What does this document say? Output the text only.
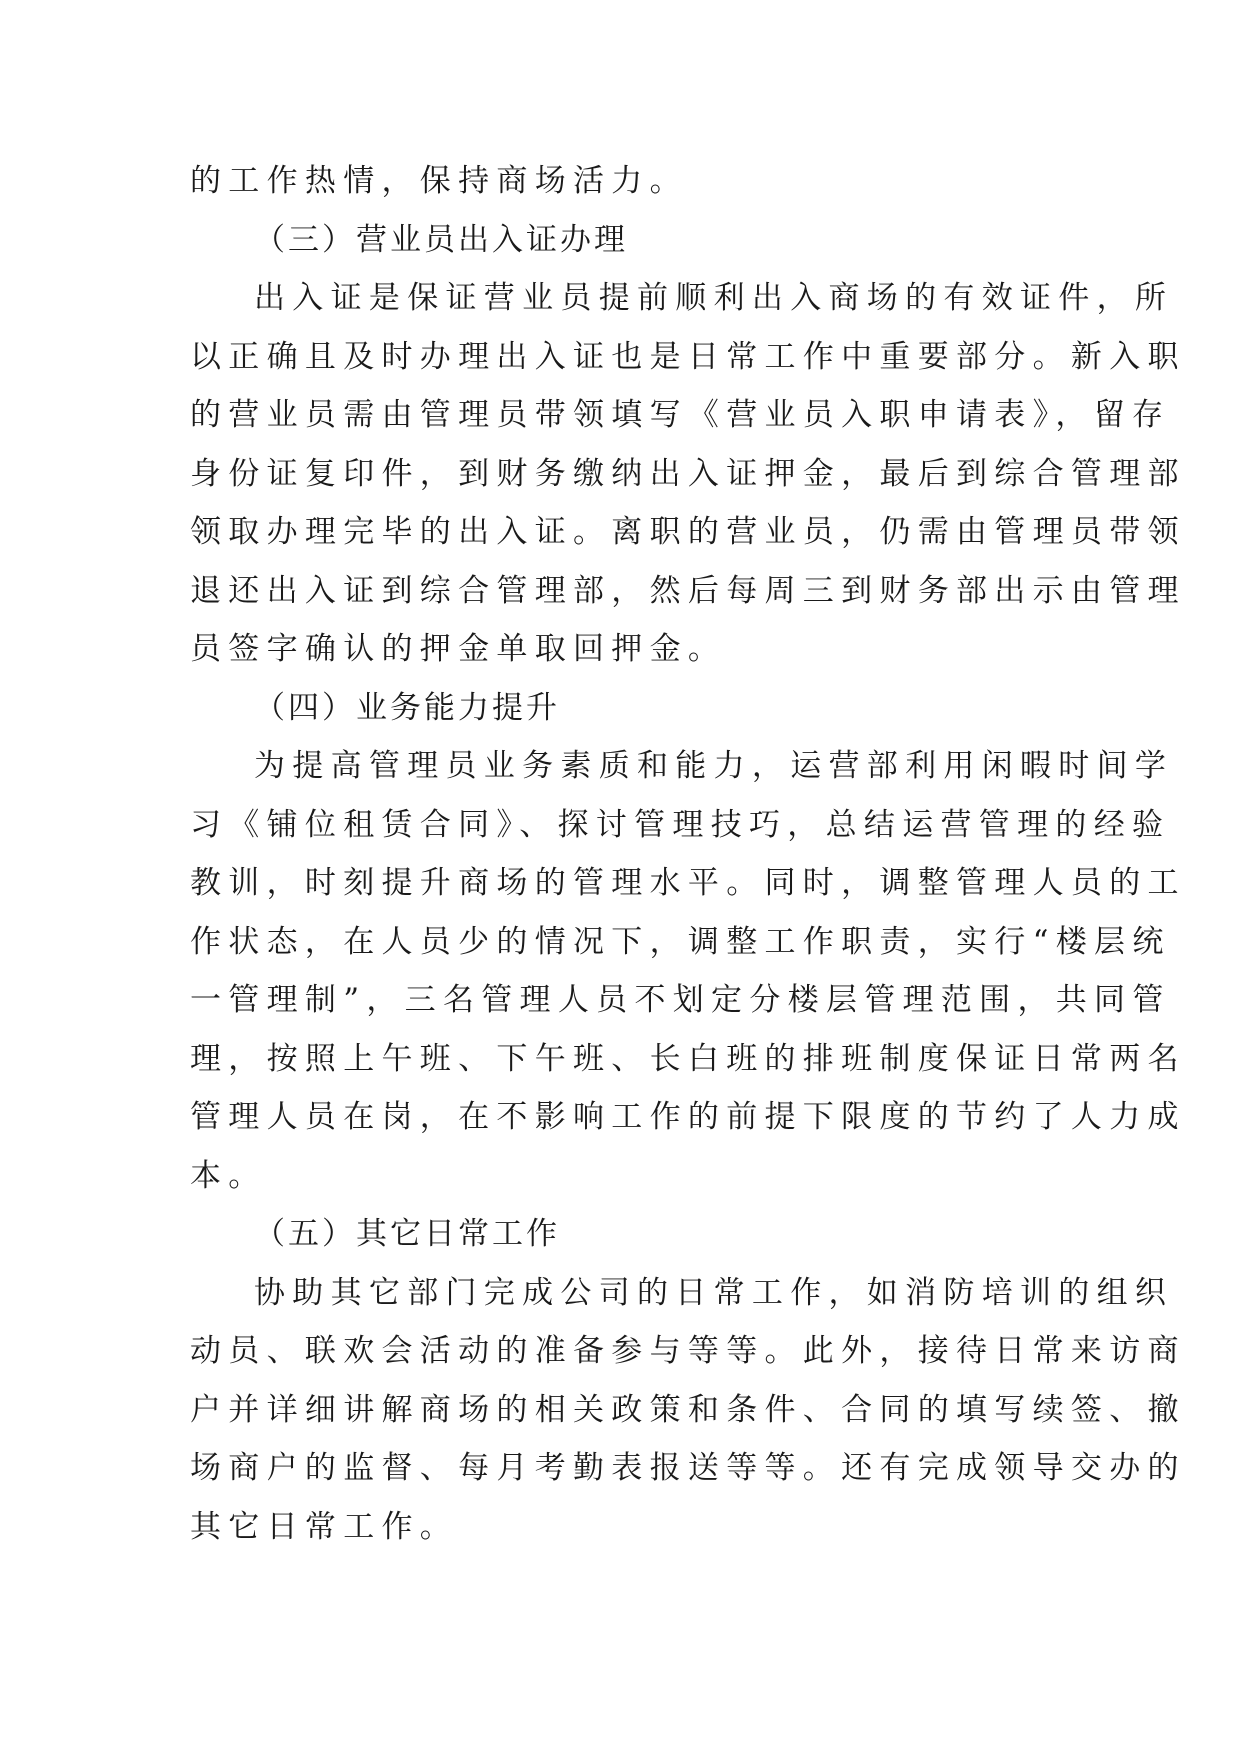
的工作热情，保持商场活力。

（三）营业员出入证办理

出入证是保证营业员提前顺利出入商场的有效证件，所

以正确且及时办理出入证也是日常工作中重要部分。新入职

的营业员需由管理员带领填写《营业员入职申请表》，留存

身份证复印件，到财务缴纳出入证押金，最后到综合管理部

领取办理完毕的出入证。离职的营业员，仍需由管理员带领

退还出入证到综合管理部，然后每周三到财务部出示由管理

员签字确认的押金单取回押金。

（四）业务能力提升

为提高管理员业务素质和能力，运营部利用闲暇时间学

习《铺位租赁合同》、探讨管理技巧，总结运营管理的经验

教训，时刻提升商场的管理水平。同时，调整管理人员的工

作状态，在人员少的情况下，调整工作职责，实行“楼层统

一管理制”，三名管理人员不划定分楼层管理范围，共同管

理，按照上午班、下午班、长白班的排班制度保证日常两名

管理人员在岗，在不影响工作的前提下限度的节约了人力成

本。

（五）其它日常工作

协助其它部门完成公司的日常工作，如消防培训的组织

动员、联欢会活动的准备参与等等。此外，接待日常来访商

户并详细讲解商场的相关政策和条件、合同的填写续签、撤

场商户的监督、每月考勤表报送等等。还有完成领导交办的

其它日常工作。
